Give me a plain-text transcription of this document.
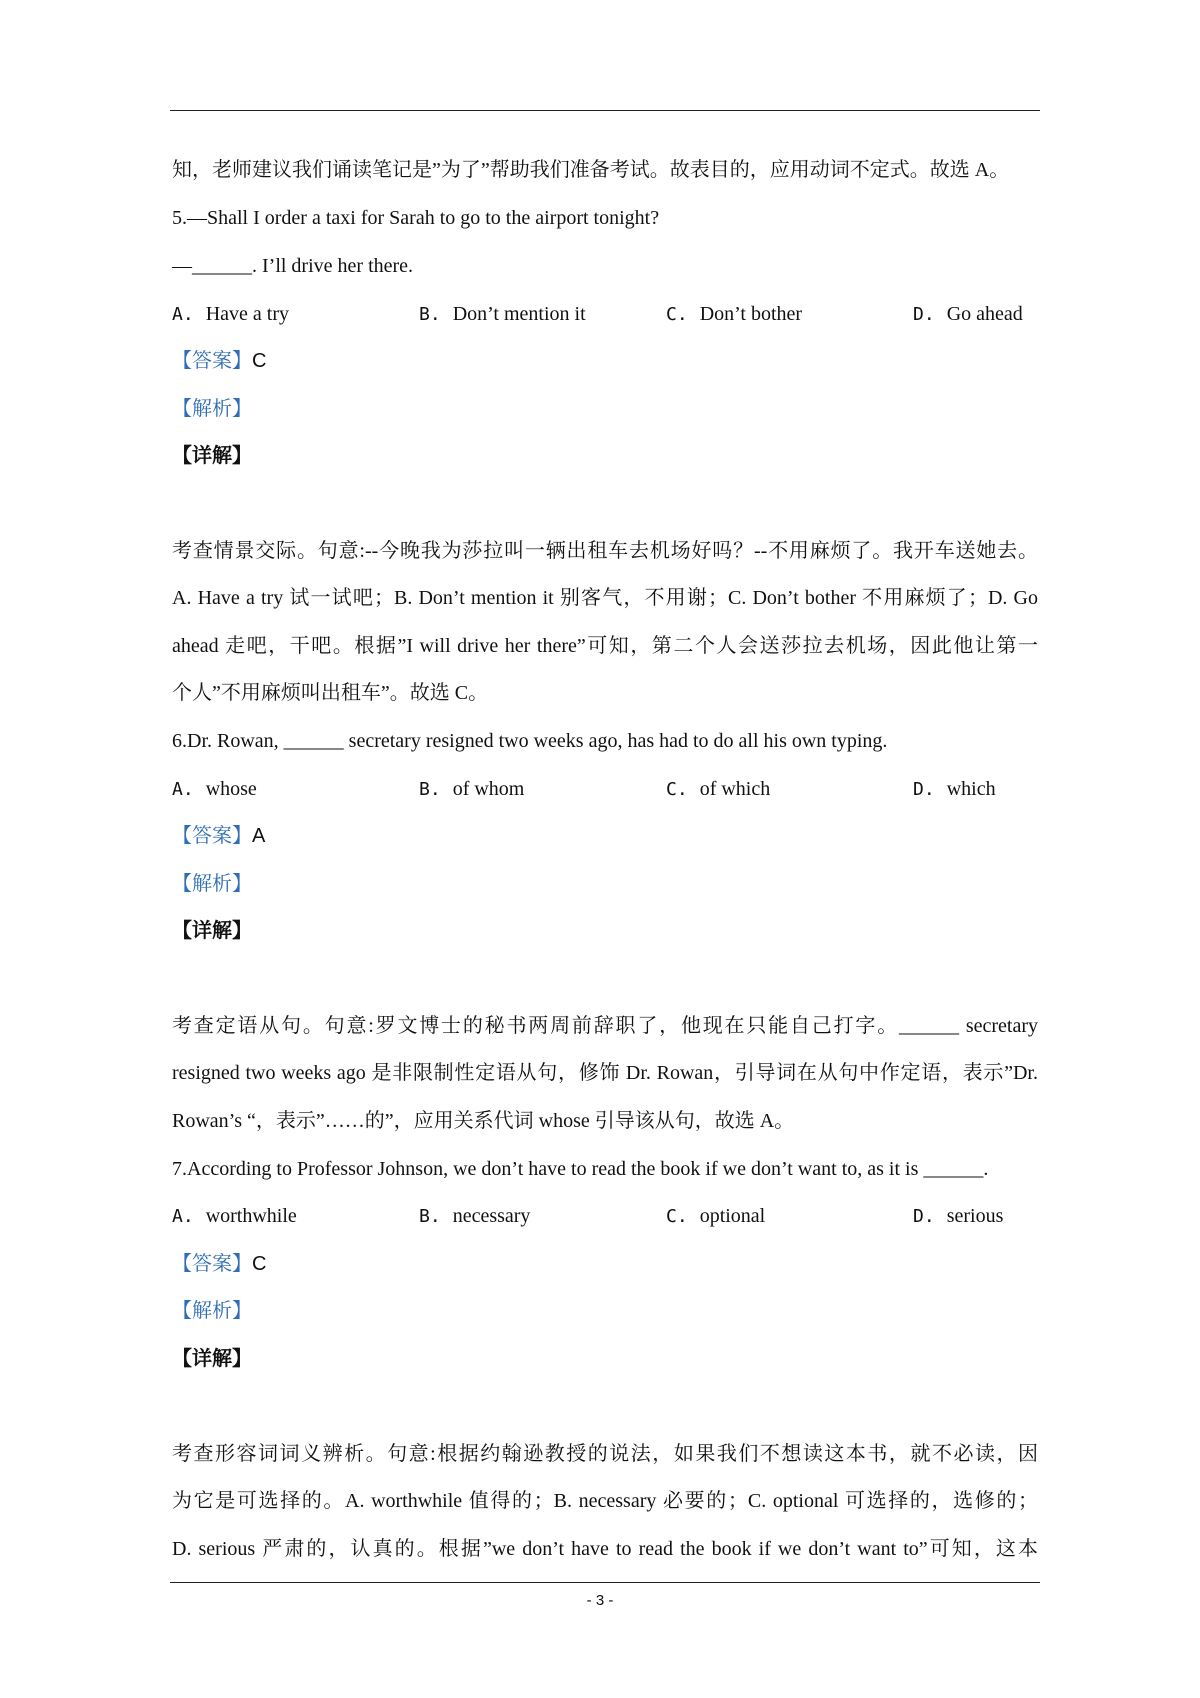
知，老师建议我们诵读笔记是”为了”帮助我们准备考试。故表目的，应用动词不定式。故选 A。
5.—Shall I order a taxi for Sarah to go to the airport tonight?
—______. I’ll drive her there.
A. Have a try	B. Don’t mention it	C. Don’t bother	D. Go ahead
【答案】C
【解析】
【详解】
考查情景交际。句意:--今晚我为莎拉叫一辆出租车去机场好吗？--不用麻烦了。我开车送她去。
A. Have a try 试一试吧；B. Don’t mention it 别客气，不用谢；C. Don’t bother 不用麻烦了；D. Go
ahead 走吧，干吧。根据”I will drive her there”可知，第二个人会送莎拉去机场，因此他让第一
个人”不用麻烦叫出租车”。故选 C。
6.Dr. Rowan, ______ secretary resigned two weeks ago, has had to do all his own typing.
A. whose	B. of whom	C. of which	D. which
【答案】A
【解析】
【详解】
考查定语从句。句意:罗文博士的秘书两周前辞职了，他现在只能自己打字。______ secretary
resigned two weeks ago 是非限制性定语从句，修饰 Dr. Rowan，引导词在从句中作定语，表示”Dr.
Rowan’s “，表示”……的”，应用关系代词 whose 引导该从句，故选 A。
7.According to Professor Johnson, we don’t have to read the book if we don’t want to, as it is ______.
A. worthwhile	B. necessary	C. optional	D. serious
【答案】C
【解析】
【详解】
考查形容词词义辨析。句意:根据约翰逊教授的说法，如果我们不想读这本书，就不必读，因
为它是可选择的。A. worthwhile 值得的；B. necessary 必要的；C. optional 可选择的，选修的；
D. serious 严肃的，认真的。根据”we don’t have to read the book if we don’t want to”可知，这本
- 3 -
